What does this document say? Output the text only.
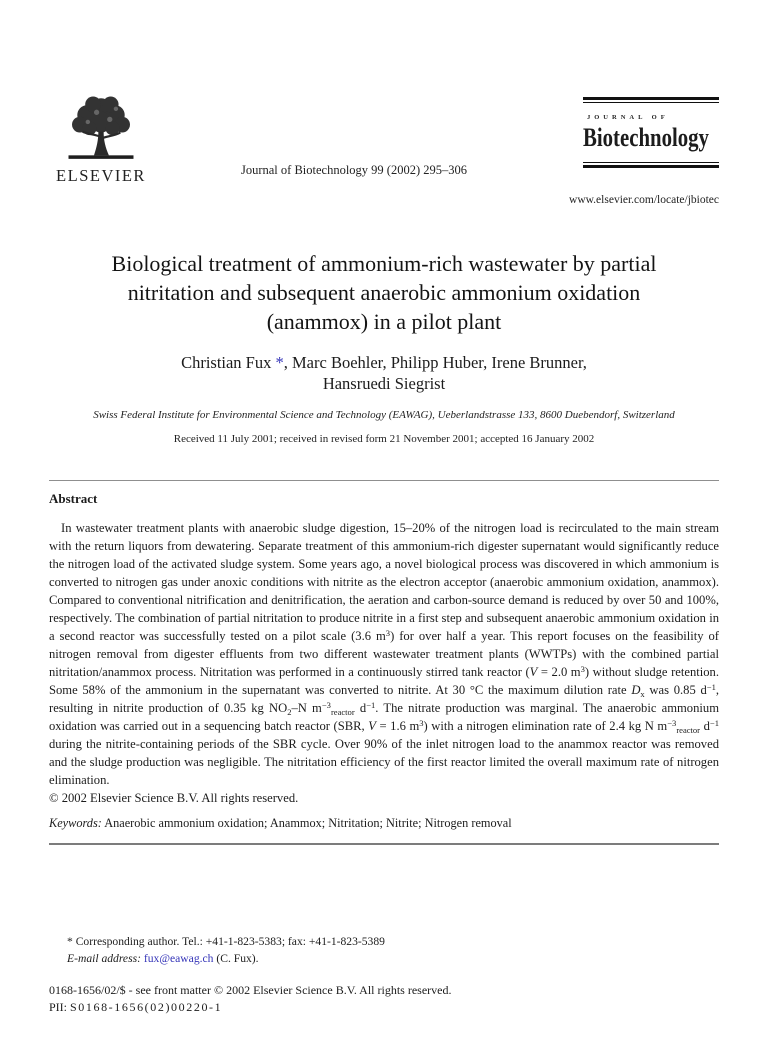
ELSEVIER	Journal of Biotechnology 99 (2002) 295–306
JOURNAL OF
Biotechnology
www.elsevier.com/locate/jbiotec
Biological treatment of ammonium-rich wastewater by partial
nitritation and subsequent anaerobic ammonium oxidation
(anammox) in a pilot plant
Christian Fux *, Marc Boehler, Philipp Huber, Irene Brunner,
Hansruedi Siegrist
Swiss Federal Institute for Environmental Science and Technology (EAWAG), Ueberlandstrasse 133, 8600 Duebendorf, Switzerland
Received 11 July 2001; received in revised form 21 November 2001; accepted 16 January 2002
Abstract
In wastewater treatment plants with anaerobic sludge digestion, 15–20% of the nitrogen load is recirculated to the main stream with the return liquors from dewatering. Separate treatment of this ammonium-rich digester supernatant would significantly reduce the nitrogen load of the activated sludge system. Some years ago, a novel biological process was discovered in which ammonium is converted to nitrogen gas under anoxic conditions with nitrite as the electron acceptor (anaerobic ammonium oxidation, anammox). Compared to conventional nitrification and denitrification, the aeration and carbon-source demand is reduced by over 50 and 100%, respectively. The combination of partial nitritation to produce nitrite in a first step and subsequent anaerobic ammonium oxidation in a second reactor was successfully tested on a pilot scale (3.6 $m^3$) for over half a year. This report focuses on the feasibility of nitrogen removal from digester effluents from two different wastewater treatment plants (WWTPs) with the combined partial nitritation/anammox process. Nitritation was performed in a continuously stirred tank reactor (V = 2.0 $m^3$) without sludge retention. Some 58% of the ammonium in the supernatant was converted to nitrite. At 30 °C the maximum dilution rate $D_x$ was 0.85 $d^{-1}$, resulting in nitrite production of 0.35 kg $NO_2-N$ $m^{-3}_{reactor}$ $d^{-1}$. The nitrate production was marginal. The anaerobic ammonium oxidation was carried out in a sequencing batch reactor (SBR, V = 1.6 $m^3$) with a nitrogen elimination rate of 2.4 kg N $m^{-3}_{reactor}$ $d^{-1}$ during the nitrite-containing periods of the SBR cycle. Over 90% of the inlet nitrogen load to the anammox reactor was removed and the sludge production was negligible. The nitritation efficiency of the first reactor limited the overall maximum rate of nitrogen elimination.
© 2002 Elsevier Science B.V. All rights reserved.
Keywords: Anaerobic ammonium oxidation; Anammox; Nitritation; Nitrite; Nitrogen removal
* Corresponding author. Tel.: +41-1-823-5383; fax: +41-1-823-5389
E-mail address: fux@eawag.ch (C. Fux).
0168-1656/02/$ - see front matter © 2002 Elsevier Science B.V. All rights reserved.
PII: S0168-1656(02)00220-1
